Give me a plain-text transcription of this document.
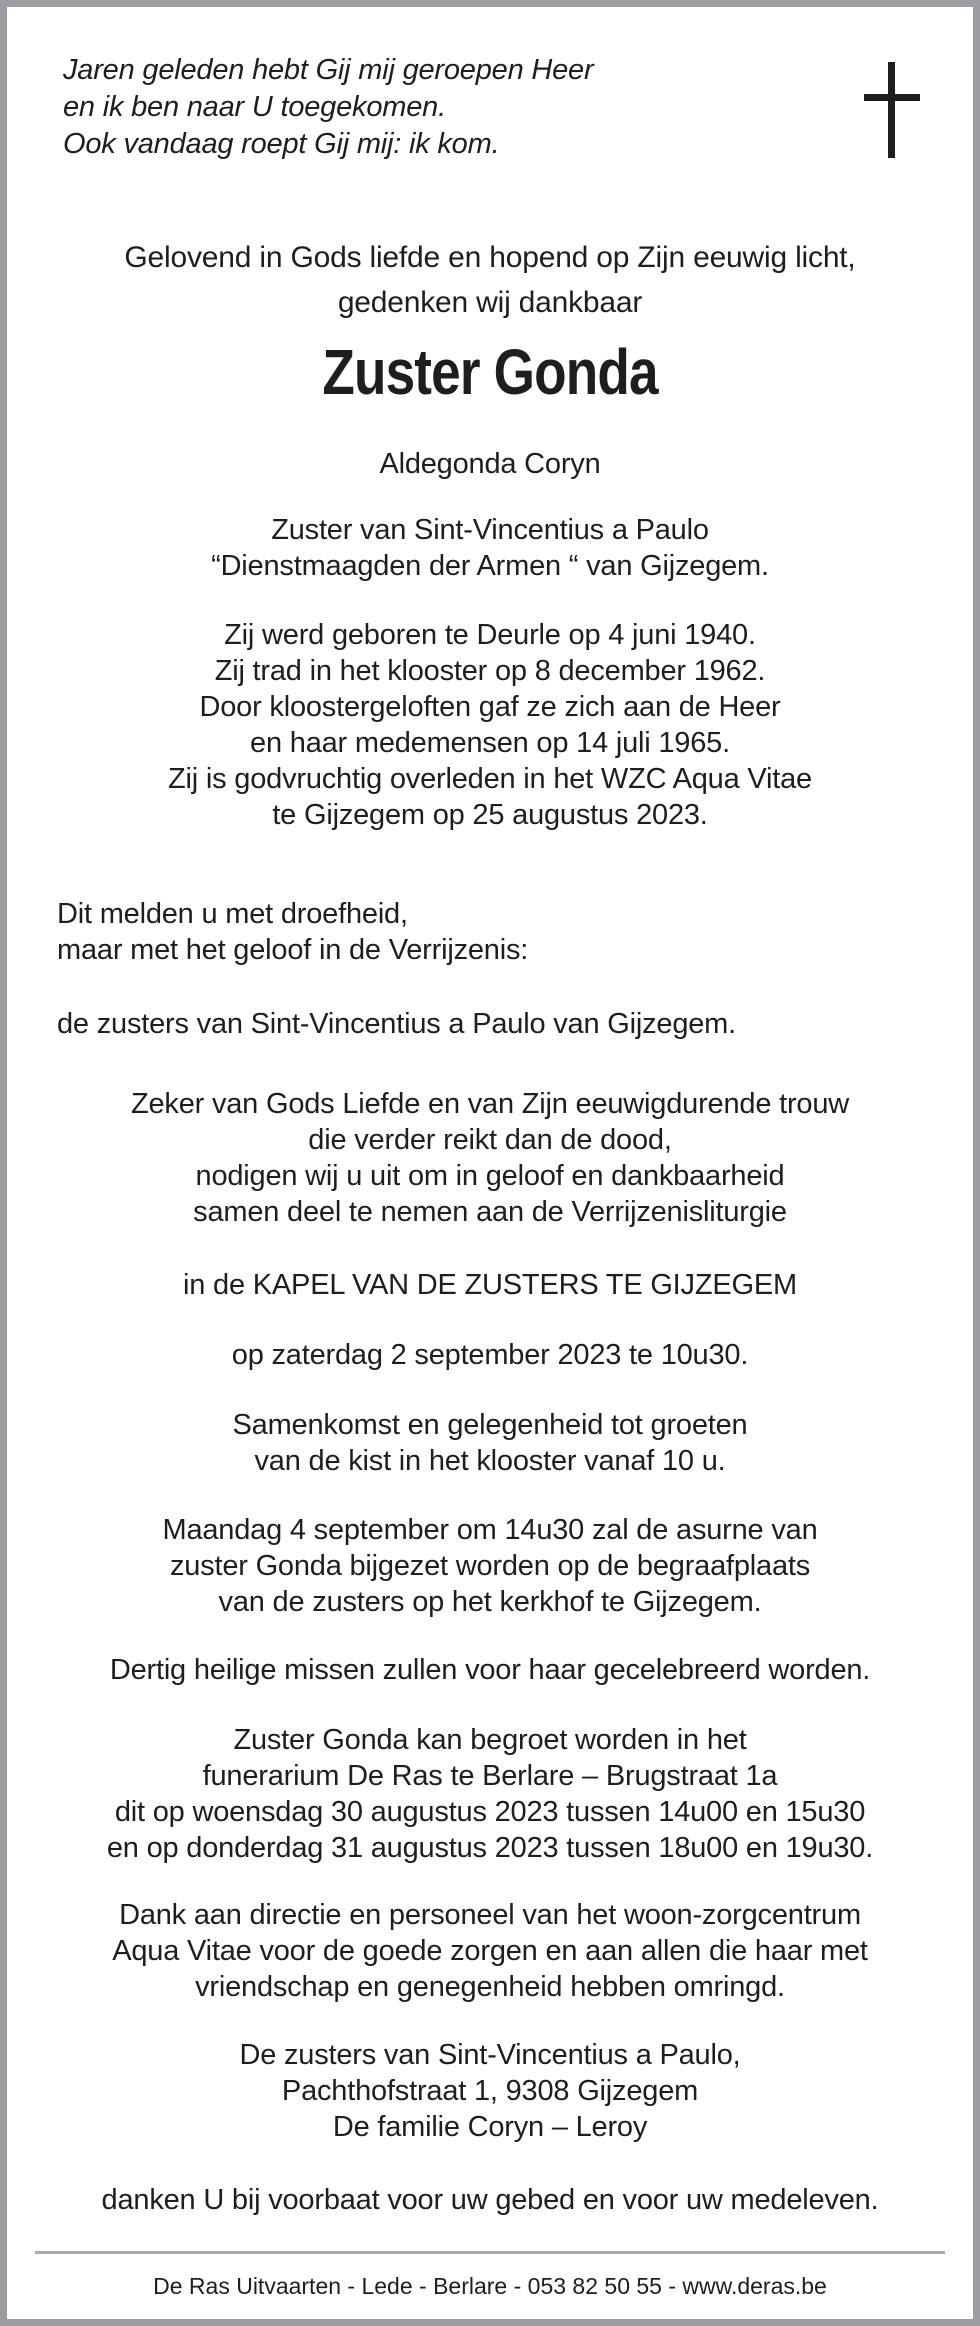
Jaren geleden hebt Gij mij geroepen Heer
en ik ben naar U toegekomen.
Ook vandaag roept Gij mij: ik kom.
Gelovend in Gods liefde en hopend op Zijn eeuwig licht,
gedenken wij dankbaar
Zuster Gonda

Aldegonda Coryn

Zuster van Sint-Vincentius a Paulo
“Dienstmaagden der Armen “ van Gijzegem.
Zij werd geboren te Deurle op 4 juni 1940.
Zij trad in het klooster op 8 december 1962.
Door kloostergeloften gaf ze zich aan de Heer
en haar medemensen op 14 juli 1965.
Zij is godvruchtig overleden in het WZC Aqua Vitae
te Gijzegem op 25 augustus 2023.
Dit melden u met droefheid,
maar met het geloof in de Verrijzenis:

de zusters van Sint-Vincentius a Paulo van Gijzegem.

Zeker van Gods Liefde en van Zijn eeuwigdurende trouw
die verder reikt dan de dood,
nodigen wij u uit om in geloof en dankbaarheid
samen deel te nemen aan de Verrijzenisliturgie

in de KAPEL VAN DE ZUSTERS TE GIJZEGEM

op zaterdag 2 september 2023 te 10u30.

Samenkomst en gelegenheid tot groeten
van de kist in het klooster vanaf 10 u.
Maandag 4 september om 14u30 zal de asurne van
zuster Gonda bijgezet worden op de begraafplaats
van de zusters op het kerkhof te Gijzegem.

Dertig heilige missen zullen voor haar gecelebreerd worden.

Zuster Gonda kan begroet worden in het
funerarium De Ras te Berlare – Brugstraat 1a
dit op woensdag 30 augustus 2023 tussen 14u00 en 15u30
en op donderdag 31 augustus 2023 tussen 18u00 en 19u30.
Dank aan directie en personeel van het woon-zorgcentrum
Aqua Vitae voor de goede zorgen en aan allen die haar met
vriendschap en genegenheid hebben omringd.
De zusters van Sint-Vincentius a Paulo,
Pachthofstraat 1, 9308 Gijzegem
De familie Coryn – Leroy

danken U bij voorbaat voor uw gebed en voor uw medeleven.

De Ras Uitvaarten - Lede - Berlare - 053 82 50 55 - www.deras.be
